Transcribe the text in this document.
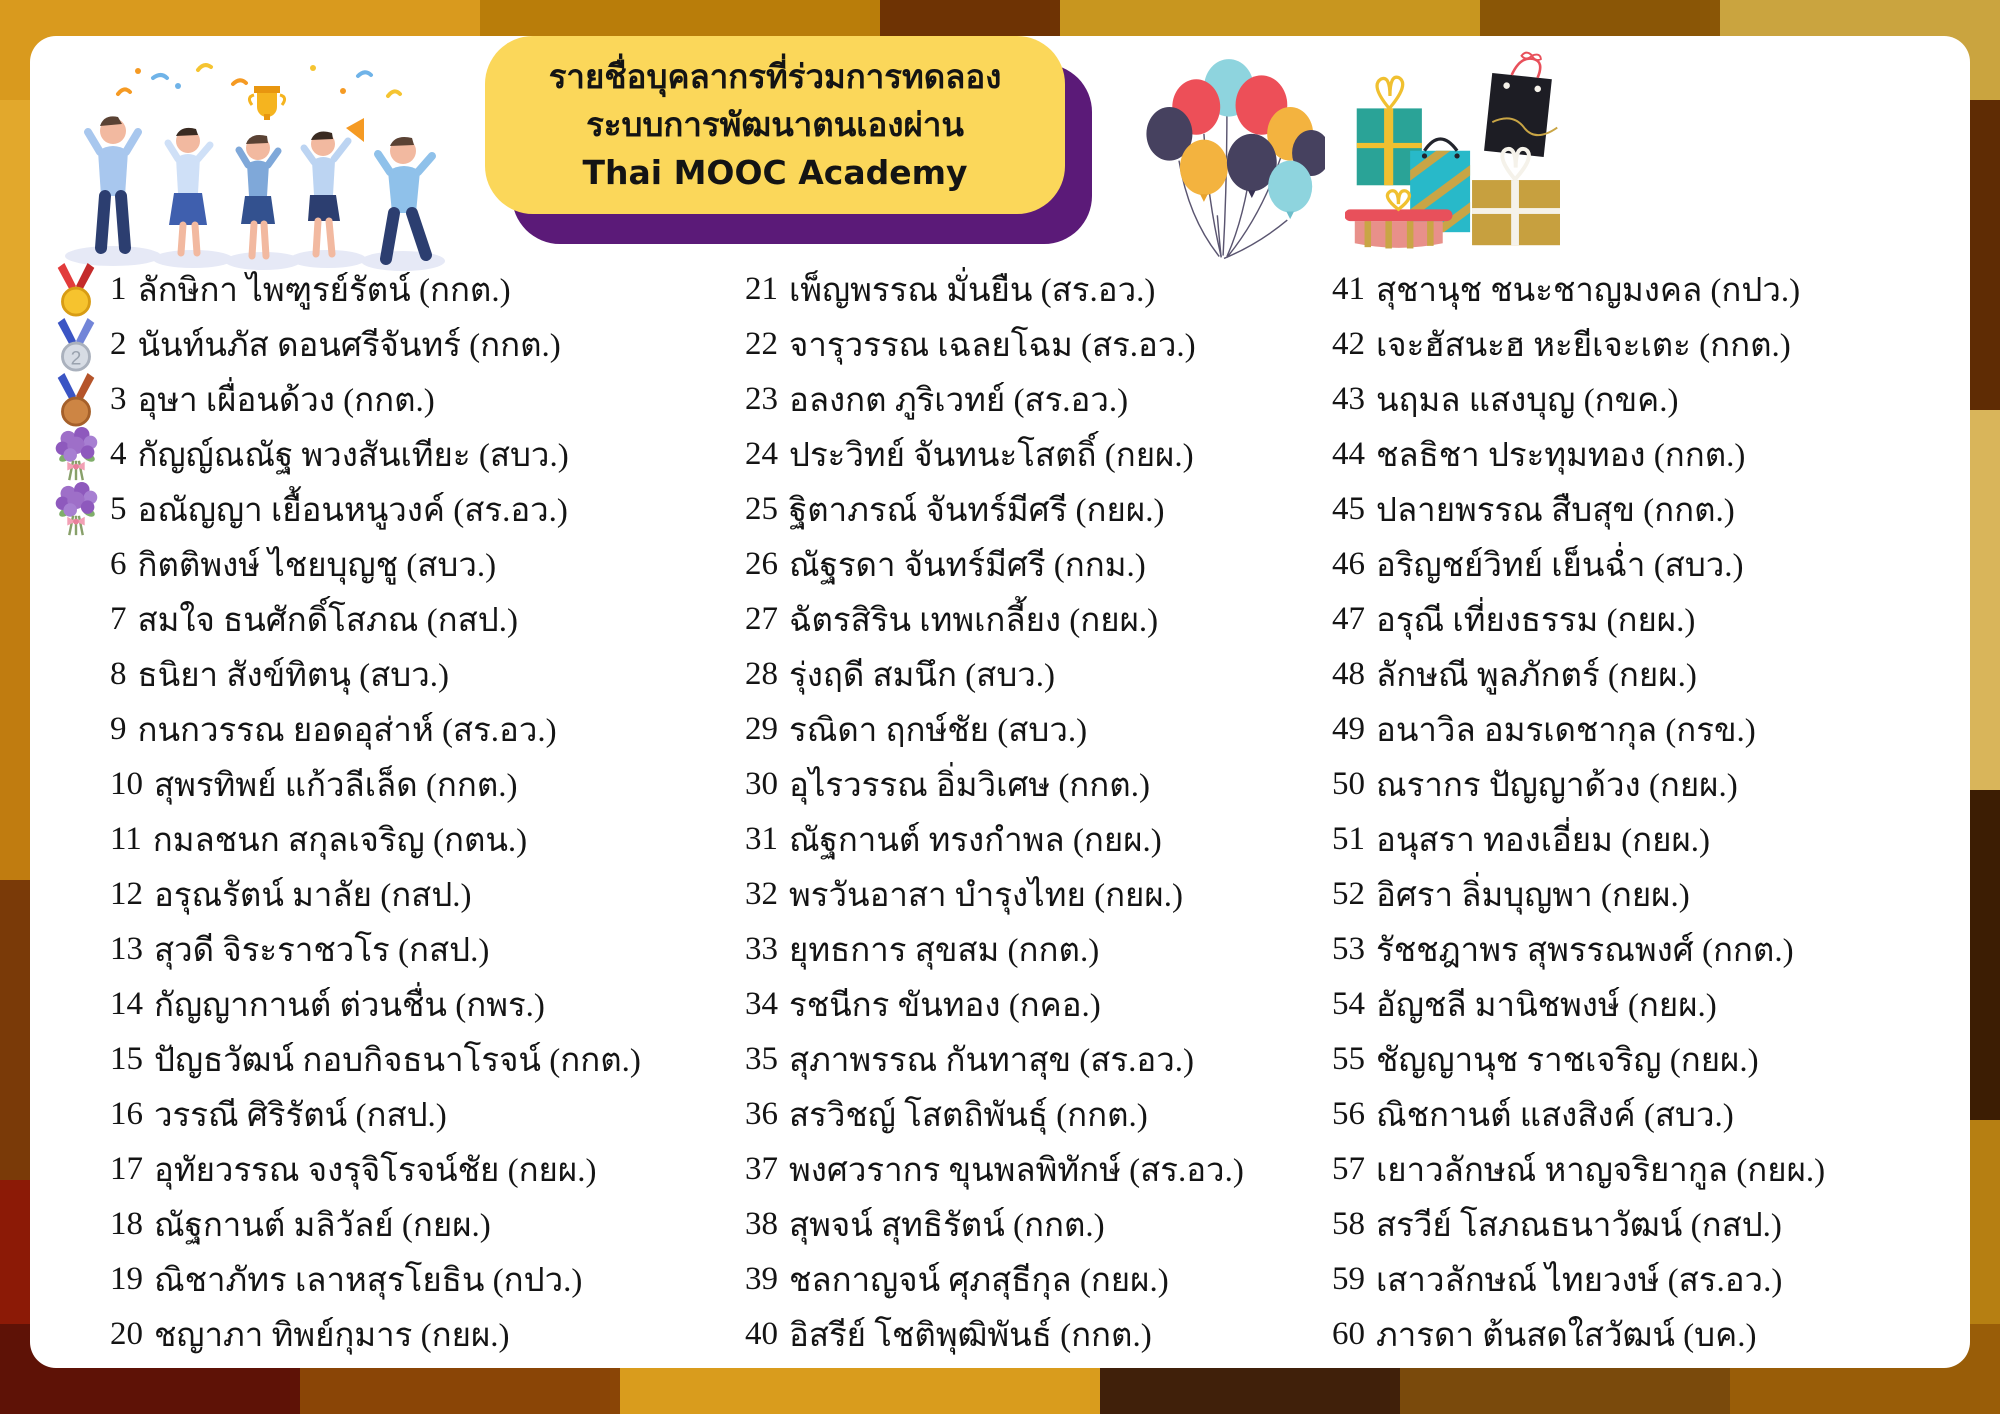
รายชื่อบุคลากรที่ร่วมการทดลอง
ระบบการพัฒนาตนเองผ่าน
Thai MOOC Academy
1 ลักษิกา ไพฑูรย์รัตน์ (กกต.)
2 2 นันท์นภัส ดอนศรีจันทร์ (กกต.)
3 อุษา เผื่อนด้วง (กกต.)
4 กัญญ์ณณัฐ พวงสันเทียะ (สบว.)
5 อณัญญา เยื้อนหนูวงค์ (สร.อว.)
6 กิตติพงษ์ ไชยบุญชู (สบว.)
7 สมใจ ธนศักดิ์โสภณ (กสป.)
8 ธนิยา สังข์ทิตนุ (สบว.)
9 กนกวรรณ ยอดอุส่าห์ (สร.อว.)
10 สุพรทิพย์ แก้วลีเล็ด (กกต.)
11 กมลชนก สกุลเจริญ (กตน.)
12 อรุณรัตน์ มาลัย (กสป.)
13 สุวดี จิระราชวโร (กสป.)
14 กัญญากานต์ ต่วนชื่น (กพร.)
15 ปัญธวัฒน์ กอบกิจธนาโรจน์ (กกต.)
16 วรรณี ศิริรัตน์ (กสป.)
17 อุทัยวรรณ จงรุจิโรจน์ชัย (กยผ.)
18 ณัฐกานต์ มลิวัลย์ (กยผ.)
19 ณิชาภัทร เลาหสุรโยธิน (กปว.)
20 ชญาภา ทิพย์กุมาร (กยผ.)
21 เพ็ญพรรณ มั่นยืน (สร.อว.)
22 จารุวรรณ เฉลยโฉม (สร.อว.)
23 อลงกต ภูริเวทย์ (สร.อว.)
24 ประวิทย์ จันทนะโสตถิ์ (กยผ.)
25 ฐิตาภรณ์ จันทร์มีศรี (กยผ.)
26 ณัฐรดา จันทร์มีศรี (กกม.)
27 ฉัตรสิริน เทพเกลี้ยง (กยผ.)
28 รุ่งฤดี สมนึก (สบว.)
29 รณิดา ฤกษ์ชัย (สบว.)
30 อุไรวรรณ อิ่มวิเศษ (กกต.)
31 ณัฐกานต์ ทรงกำพล (กยผ.)
32 พรวันอาสา บำรุงไทย (กยผ.)
33 ยุทธการ สุขสม (กกต.)
34 รชนีกร ขันทอง (กคอ.)
35 สุภาพรรณ กันทาสุข (สร.อว.)
36 สรวิชญ์ โสตถิพันธุ์ (กกต.)
37 พงศวรากร ขุนพลพิทักษ์ (สร.อว.)
38 สุพจน์ สุทธิรัตน์ (กกต.)
39 ชลกาญจน์ ศุภสุธีกุล (กยผ.)
40 อิสรีย์ โชติพุฒิพันธ์ (กกต.)
41 สุชานุช ชนะชาญมงคล (กปว.)
42 เจะฮัสนะฮ หะยีเจะเตะ (กกต.)
43 นฤมล แสงบุญ (กขค.)
44 ชลธิชา ประทุมทอง (กกต.)
45 ปลายพรรณ สืบสุข (กกต.)
46 อริญชย์วิทย์ เย็นฉ่ำ (สบว.)
47 อรุณี เที่ยงธรรม (กยผ.)
48 ลักษณี พูลภักตร์ (กยผ.)
49 อนาวิล อมรเดชากุล (กรข.)
50 ณรากร ปัญญาด้วง (กยผ.)
51 อนุสรา ทองเอี่ยม (กยผ.)
52 อิศรา ลิ่มบุญพา (กยผ.)
53 รัชชฎาพร สุพรรณพงศ์ (กกต.)
54 อัญชลี มานิชพงษ์ (กยผ.)
55 ชัญญานุช ราชเจริญ (กยผ.)
56 ณิชกานต์ แสงสิงค์ (สบว.)
57 เยาวลักษณ์ หาญจริยากูล (กยผ.)
58 สรวีย์ โสภณธนาวัฒน์ (กสป.)
59 เสาวลักษณ์ ไทยวงษ์ (สร.อว.)
60 ภารดา ต้นสดใสวัฒน์ (บค.)
